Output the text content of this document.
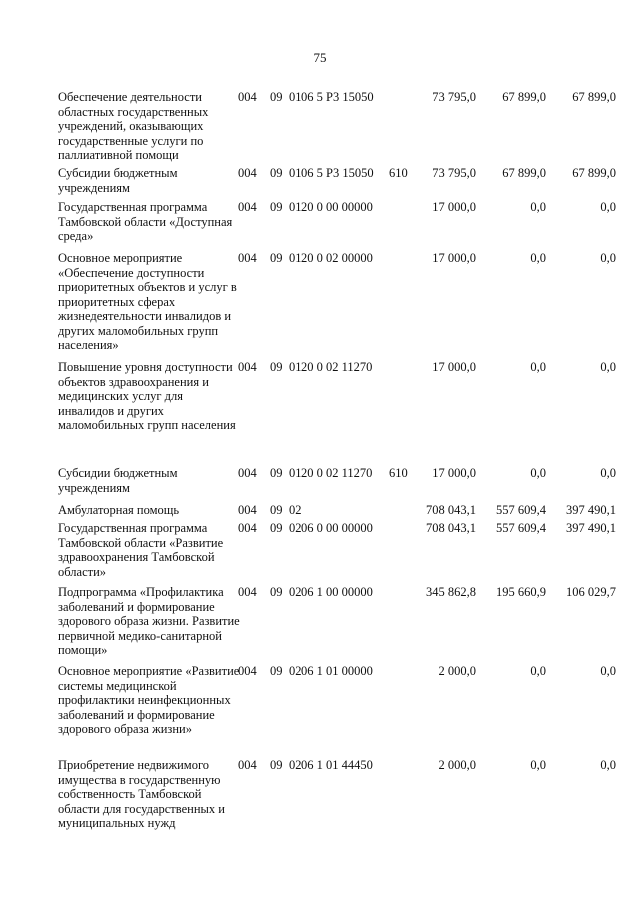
75
Обеспечение деятельности областных государственных учреждений, оказывающих государственные услуги по паллиативной помощи
004 09 01 06 5 Р3 15050	73 795,0	67 899,0	67 899,0
Субсидии бюджетным учреждениям
004 09 01 06 5 Р3 15050	610	73 795,0	67 899,0	67 899,0
Государственная программа Тамбовской области «Доступная среда»
004 09 01 20 0 00 00000	17 000,0	0,0	0,0
Основное мероприятие «Обеспечение доступности приоритетных объектов и услуг в приоритетных сферах жизнедеятельности инвалидов и других маломобильных групп населения»
004 09 01 20 0 02 00000	17 000,0	0,0	0,0
Повышение уровня доступности объектов здравоохранения и медицинских услуг для инвалидов и других маломобильных групп населения
004 09 01 20 0 02 11270	17 000,0	0,0	0,0
Субсидии бюджетным учреждениям
004 09 01 20 0 02 11270	610	17 000,0	0,0	0,0
Амбулаторная помощь	004 09 02	708 043,1	557 609,4	397 490,1
Государственная программа Тамбовской области «Развитие здравоохранения Тамбовской области»
004 09 02 06 0 00 00000	708 043,1	557 609,4	397 490,1
Подпрограмма «Профилактика заболеваний и формирование здорового образа жизни. Развитие первичной медико-санитарной помощи»
004 09 02 06 1 00 00000	345 862,8	195 660,9	106 029,7
Основное мероприятие «Развитие системы медицинской профилактики неинфекционных заболеваний и формирование здорового образа жизни»
004 09 02 06 1 01 00000	2 000,0	0,0	0,0
Приобретение недвижимого имущества в государственную собственность Тамбовской области для государственных и муниципальных нужд
004 09 02 06 1 01 44450	2 000,0	0,0	0,0
